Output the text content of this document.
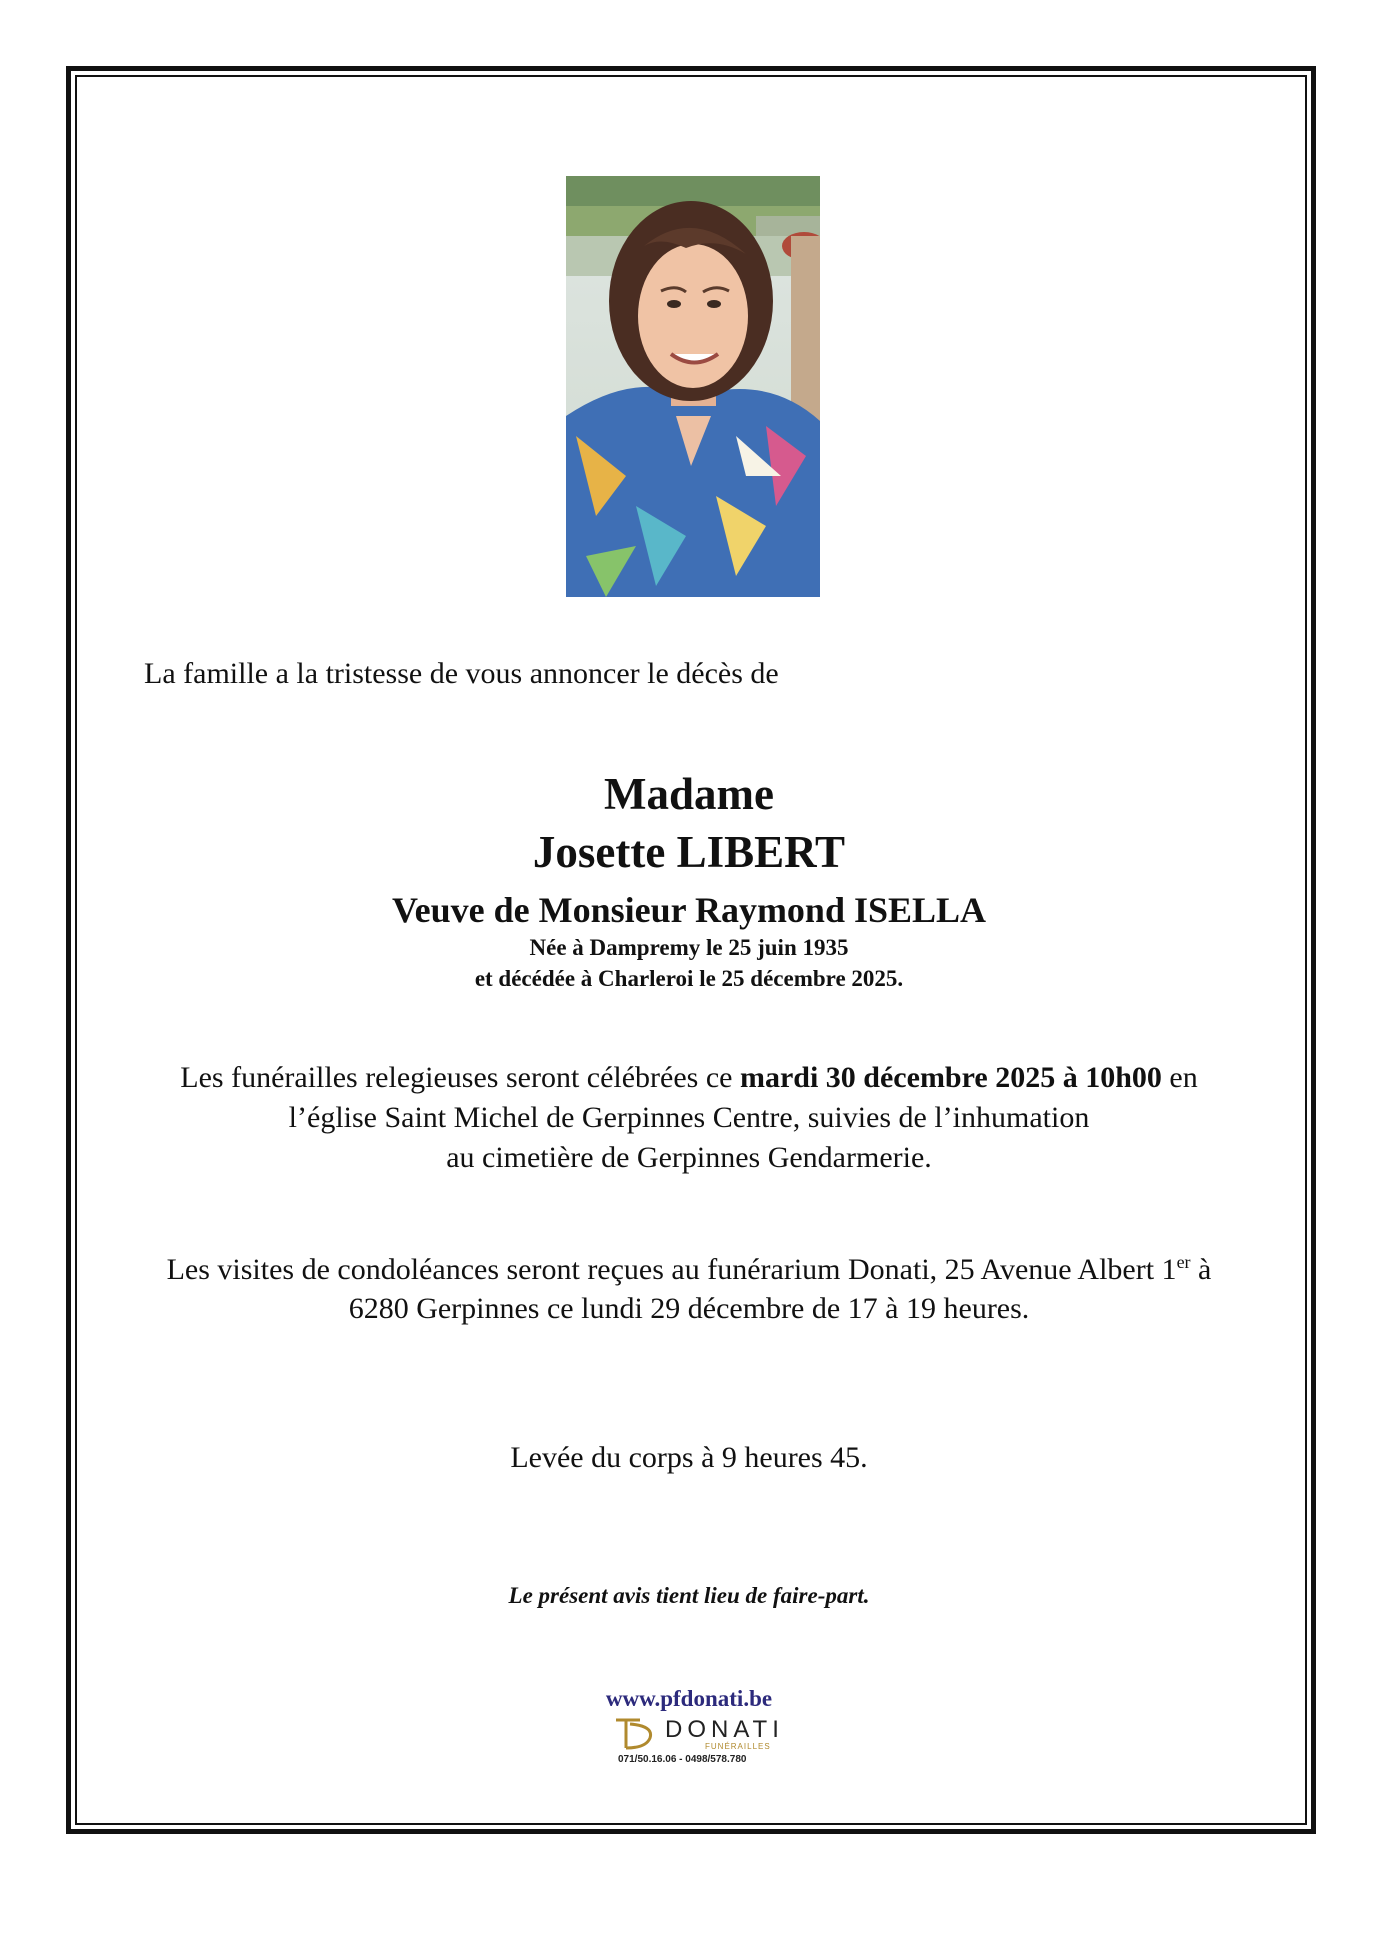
La famille a la tristesse de vous annoncer le décès de
Madame
Josette LIBERT
Veuve de Monsieur Raymond ISELLA
Née à Dampremy le 25 juin 1935
et décédée à Charleroi le 25 décembre 2025.
Les funérailles relegieuses seront célébrées ce mardi 30 décembre 2025 à 10h00 en
l’église Saint Michel de Gerpinnes Centre, suivies de l’inhumation
au cimetière de Gerpinnes Gendarmerie.
Les visites de condoléances seront reçues au funérarium Donati, 25 Avenue Albert 1er à
6280 Gerpinnes ce lundi 29 décembre de 17 à 19 heures.
Levée du corps à 9 heures 45.
Le présent avis tient lieu de faire-part.
www.pfdonati.be
DONATI
FUNÉRAILLES
071/50.16.06 - 0498/578.780
